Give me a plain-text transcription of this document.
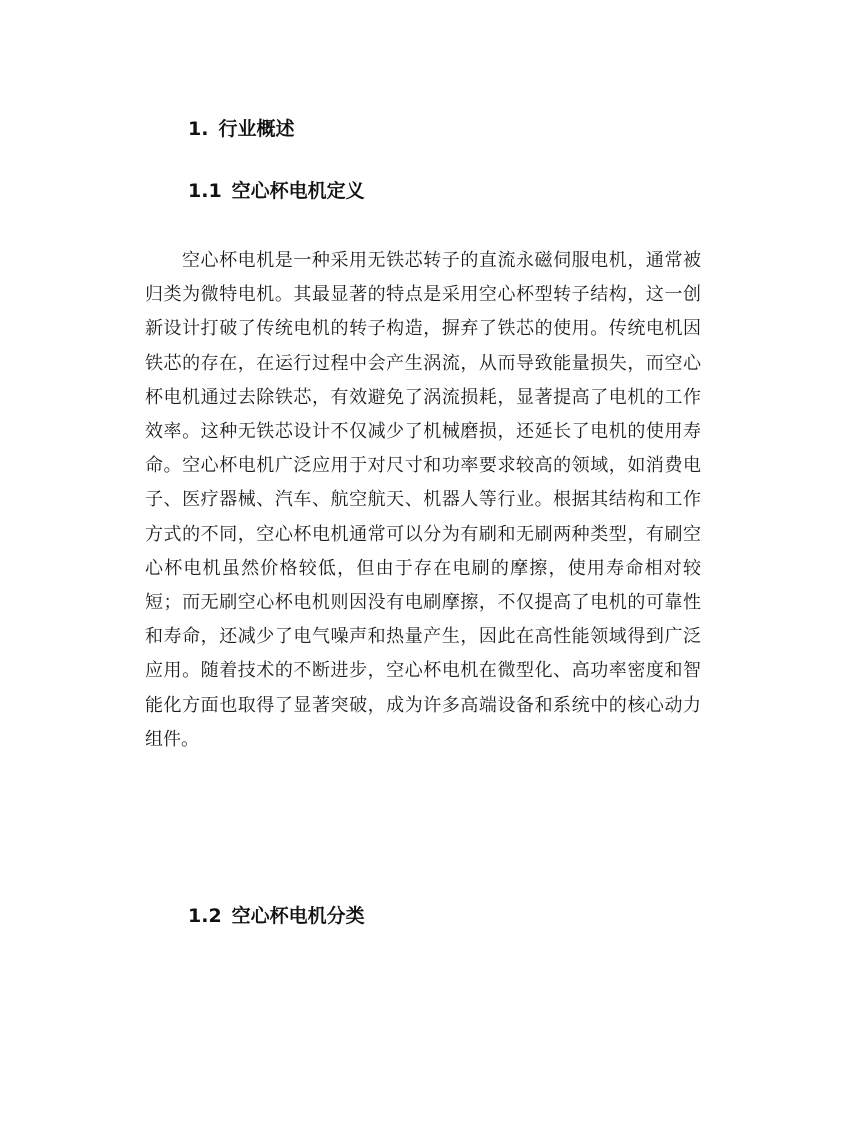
1. 行业概述
1.1 空心杯电机定义

空心杯电机是一种采用无铁芯转子的直流永磁伺服电机，通常被归类为微特电机。其最显著的特点是采用空心杯型转子结构，这一创新设计打破了传统电机的转子构造，摒弃了铁芯的使用。传统电机因铁芯的存在，在运行过程中会产生涡流，从而导致能量损失，而空心杯电机通过去除铁芯，有效避免了涡流损耗，显著提高了电机的工作效率。这种无铁芯设计不仅减少了机械磨损，还延长了电机的使用寿命。空心杯电机广泛应用于对尺寸和功率要求较高的领域，如消费电子、医疗器械、汽车、航空航天、机器人等行业。根据其结构和工作方式的不同，空心杯电机通常可以分为有刷和无刷两种类型，有刷空心杯电机虽然价格较低，但由于存在电刷的摩擦，使用寿命相对较短；而无刷空心杯电机则因没有电刷摩擦，不仅提高了电机的可靠性和寿命，还减少了电气噪声和热量产生，因此在高性能领域得到广泛应用。随着技术的不断进步，空心杯电机在微型化、高功率密度和智能化方面也取得了显著突破，成为许多高端设备和系统中的核心动力组件。

1.2 空心杯电机分类
